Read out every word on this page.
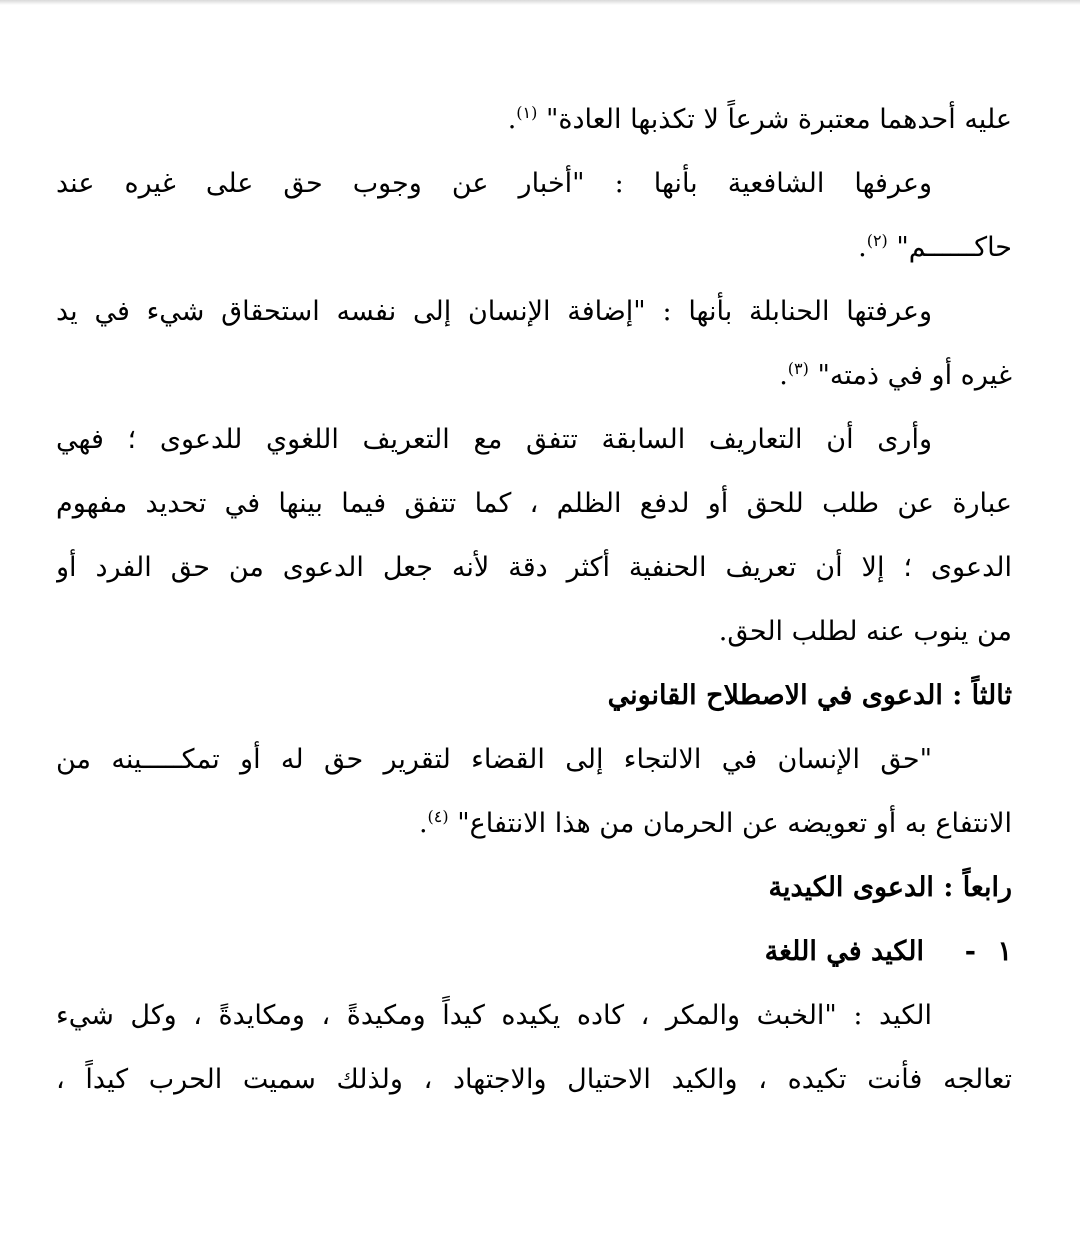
عليه أحدهما معتبرة شرعاً لا تكذبها العادة" $^{(١)}$.
وعرفها الشافعية بأنها : "أخبار عن وجوب حق على غيره عند
حاكــــــم" $^{(٢)}$.
وعرفتها الحنابلة بأنها : "إضافة الإنسان إلى نفسه استحقاق شيء في يد
غيره أو في ذمته" $^{(٣)}$.
وأرى أن التعاريف السابقة تتفق مع التعريف اللغوي للدعوى ؛ فهي
عبارة عن طلب للحق أو لدفع الظلم ، كما تتفق فيما بينها في تحديد مفهوم
الدعوى ؛ إلا أن تعريف الحنفية أكثر دقة لأنه جعل الدعوى من حق الفرد أو
من ينوب عنه لطلب الحق.
ثالثاً : الدعوى في الاصطلاح القانوني
"حق الإنسان في الالتجاء إلى القضاء لتقرير حق له أو تمكـــــينه من
الانتفاع به أو تعويضه عن الحرمان من هذا الانتفاع" $^{(٤)}$.
رابعاً : الدعوى الكيدية
١-الكيد في اللغة
الكيد : "الخبث والمكر ، كاده يكيده كيداً ومكيدةً ، ومكايدةً ، وكل شيء
تعالجه فأنت تكيده ، والكيد الاحتيال والاجتهاد ، ولذلك سميت الحرب كيداً ،
